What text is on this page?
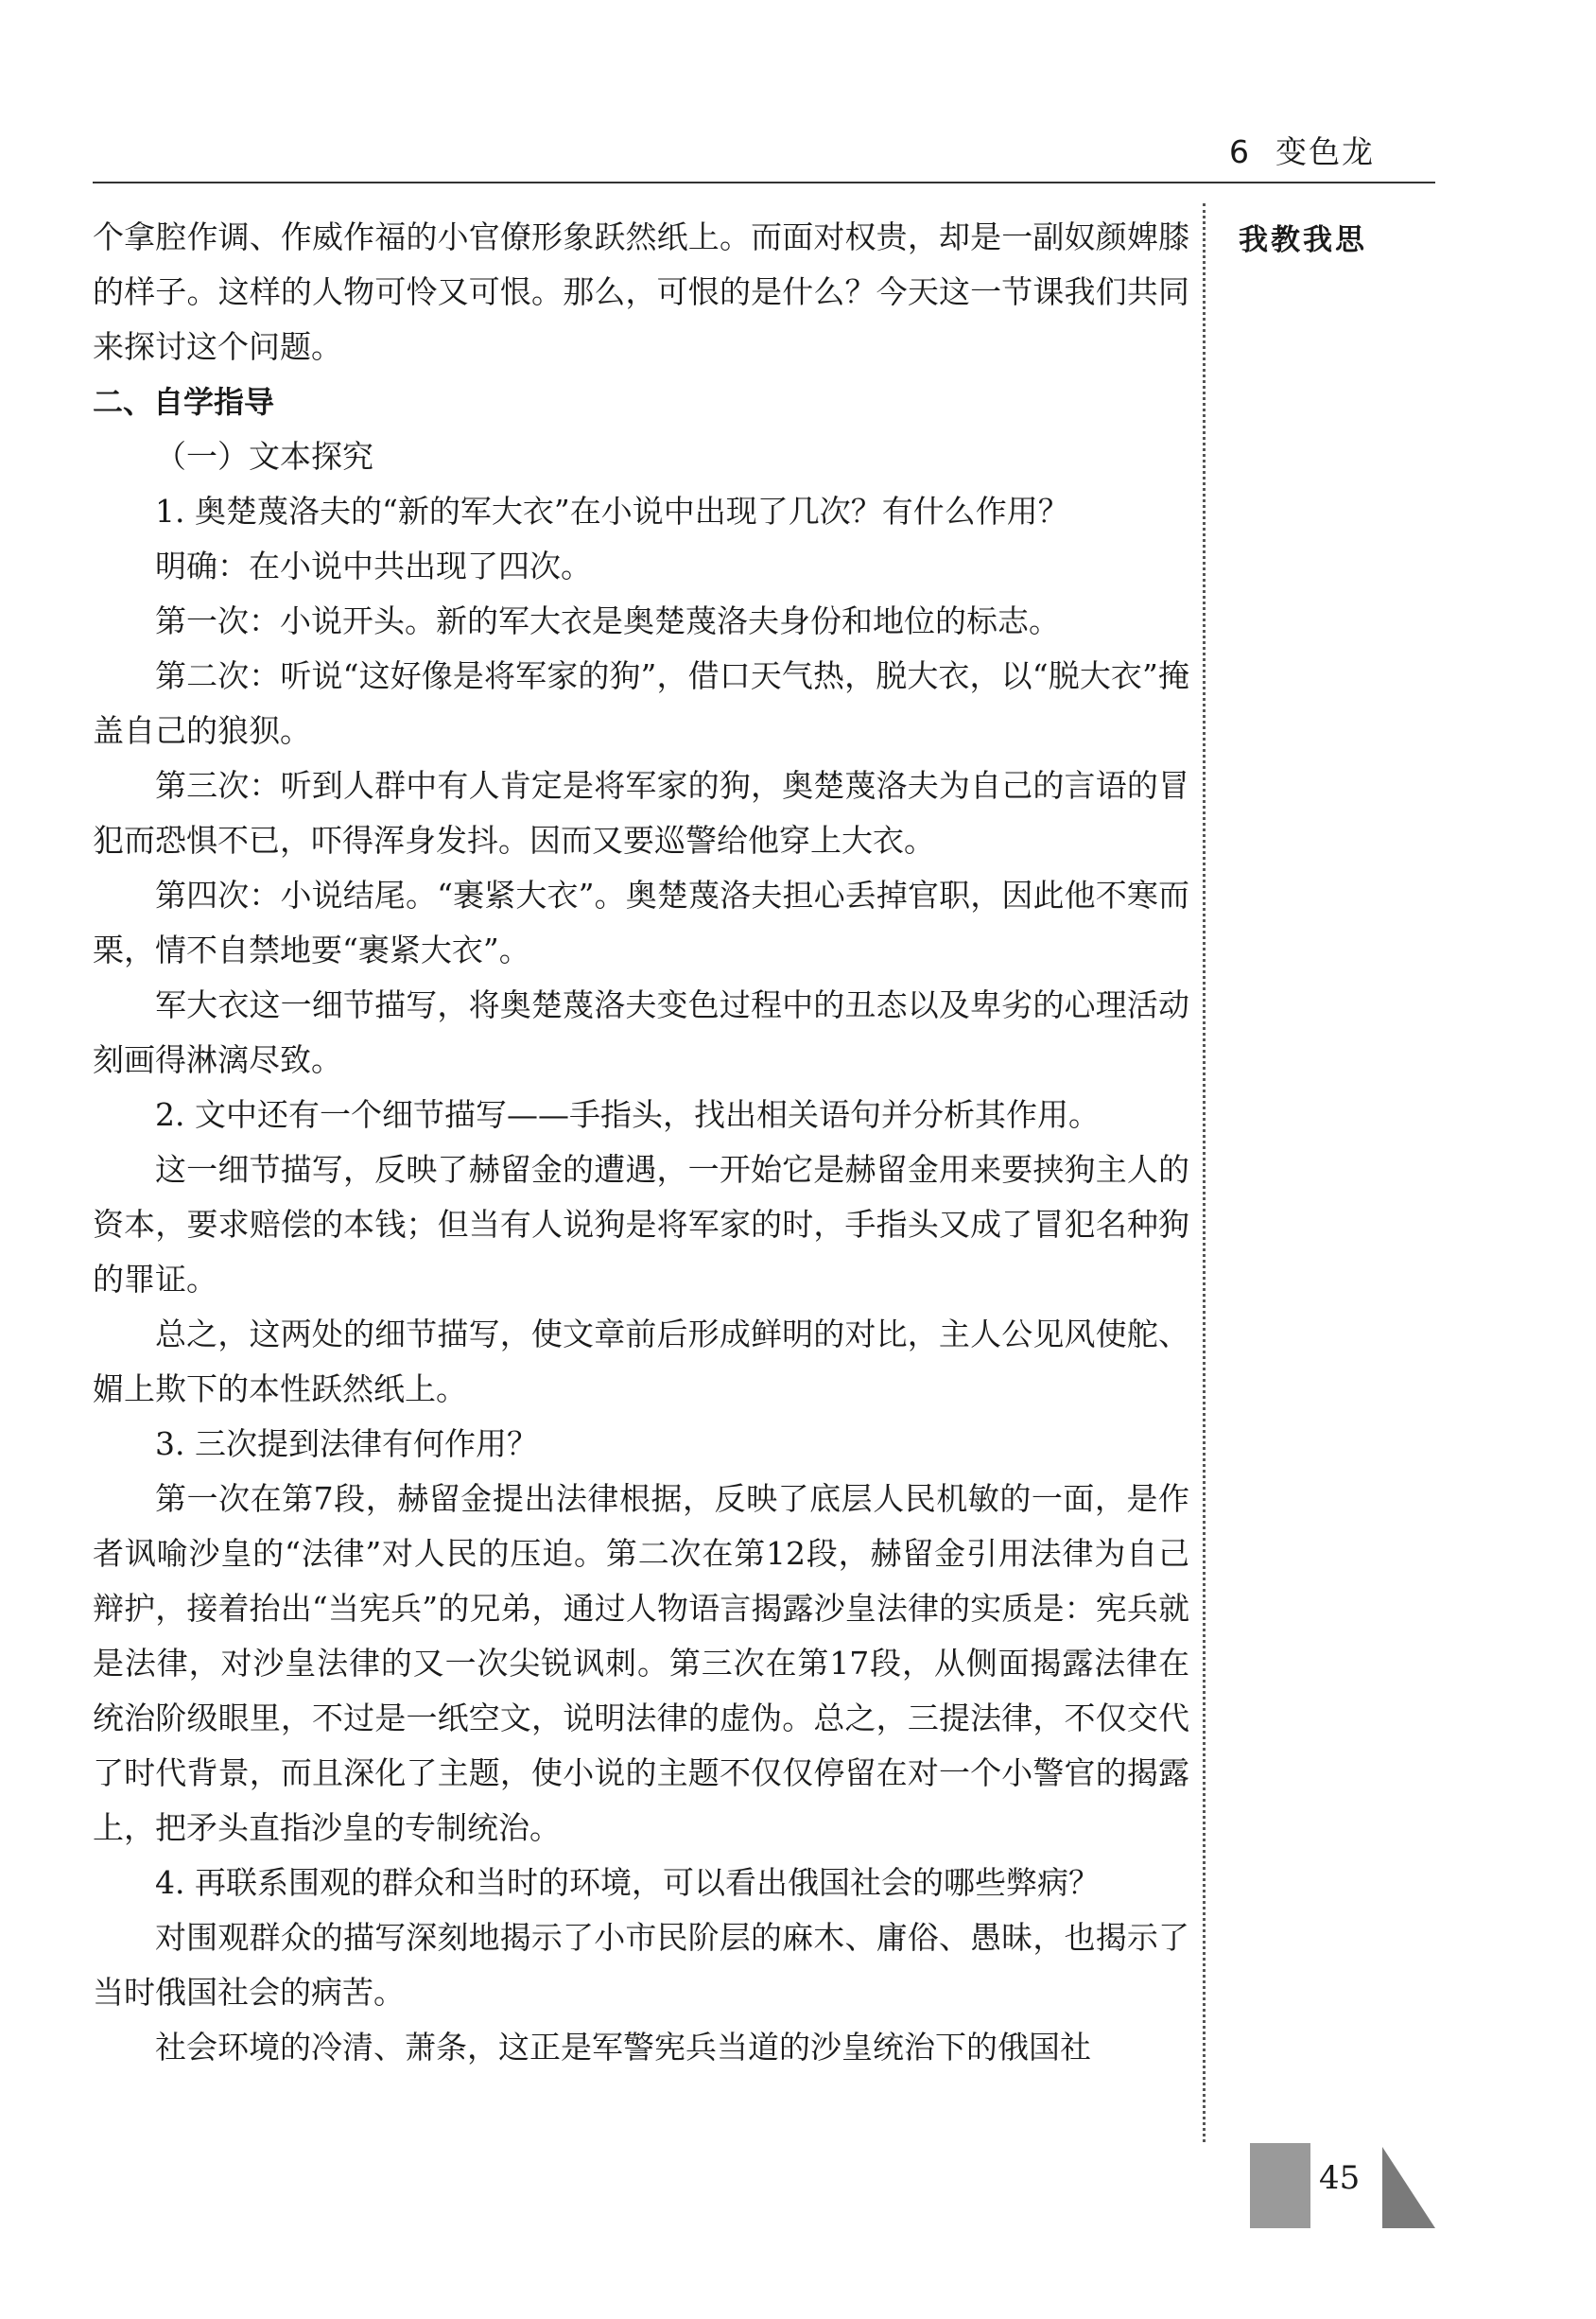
6 变色龙

个拿腔作调、作威作福的小官僚形象跃然纸上。而面对权贵，却是一副奴颜婢膝的样子。这样的人物可怜又可恨。那么，可恨的是什么？今天这一节课我们共同来探讨这个问题。

二、自学指导

（一）文本探究

1. 奥楚蔑洛夫的“新的军大衣”在小说中出现了几次？有什么作用？

明确：在小说中共出现了四次。

第一次：小说开头。新的军大衣是奥楚蔑洛夫身份和地位的标志。

第二次：听说“这好像是将军家的狗”，借口天气热，脱大衣，以“脱大衣”掩盖自己的狼狈。

第三次：听到人群中有人肯定是将军家的狗，奥楚蔑洛夫为自己的言语的冒犯而恐惧不已，吓得浑身发抖。因而又要巡警给他穿上大衣。

第四次：小说结尾。“裹紧大衣”。奥楚蔑洛夫担心丢掉官职，因此他不寒而栗，情不自禁地要“裹紧大衣”。

军大衣这一细节描写，将奥楚蔑洛夫变色过程中的丑态以及卑劣的心理活动刻画得淋漓尽致。

2. 文中还有一个细节描写——手指头，找出相关语句并分析其作用。

这一细节描写，反映了赫留金的遭遇，一开始它是赫留金用来要挟狗主人的资本，要求赔偿的本钱；但当有人说狗是将军家的时，手指头又成了冒犯名种狗的罪证。

总之，这两处的细节描写，使文章前后形成鲜明的对比，主人公见风使舵、媚上欺下的本性跃然纸上。

3. 三次提到法律有何作用？

第一次在第7段，赫留金提出法律根据，反映了底层人民机敏的一面，是作者讽喻沙皇的“法律”对人民的压迫。第二次在第12段，赫留金引用法律为自己辩护，接着抬出“当宪兵”的兄弟，通过人物语言揭露沙皇法律的实质是：宪兵就是法律，对沙皇法律的又一次尖锐讽刺。第三次在第17段，从侧面揭露法律在统治阶级眼里，不过是一纸空文，说明法律的虚伪。总之，三提法律，不仅交代了时代背景，而且深化了主题，使小说的主题不仅仅停留在对一个小警官的揭露上，把矛头直指沙皇的专制统治。

4. 再联系围观的群众和当时的环境，可以看出俄国社会的哪些弊病？

对围观群众的描写深刻地揭示了小市民阶层的麻木、庸俗、愚昧，也揭示了当时俄国社会的病苦。

社会环境的冷清、萧条，这正是军警宪兵当道的沙皇统治下的俄国社

我教我思
45
